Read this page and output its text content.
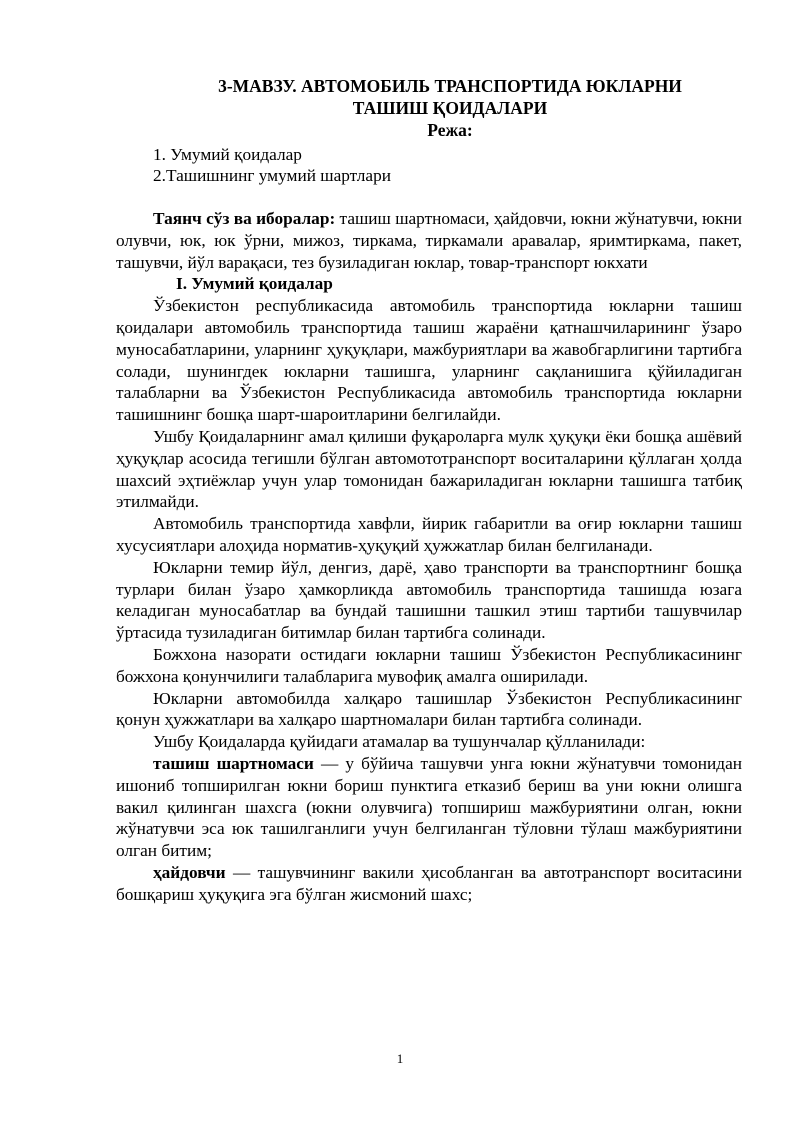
3-МАВЗУ. АВТОМОБИЛЬ ТРАНСПОРТИДА ЮКЛАРНИ
ТАШИШ ҚОИДАЛАРИ
Режа:
1. Умумий қоидалар
2.Ташишнинг умумий шартлари

Таянч сўз ва иборалар: ташиш шартномаси, ҳайдовчи, юкни жўнатувчи, юкни олувчи, юк, юк ўрни, мижоз, тиркама, тиркамали аравалар, яримтиркама, пакет, ташувчи, йўл варақаси, тез бузиладиган юклар, товар-транспорт юкхати

I. Умумий қоидалар

Ўзбекистон республикасида автомобиль транспортида юкларни ташиш қоидалари автомобиль транспортида ташиш жараёни қатнашчиларининг ўзаро муносабатларини, уларнинг ҳуқуқлари, мажбуриятлари ва жавобгарлигини тартибга солади, шунингдек юкларни ташишга, уларнинг сақланишига қўйиладиган талабларни ва Ўзбекистон Республикасида автомобиль транспортида юкларни ташишнинг бошқа шарт-шароитларини белгилайди.

Ушбу Қоидаларнинг амал қилиши фуқароларга мулк ҳуқуқи ёки бошқа ашёвий ҳуқуқлар асосида тегишли бўлган автомототранспорт воситаларини қўллаган ҳолда шахсий эҳтиёжлар учун улар томонидан бажариладиган юкларни ташишга татбиқ этилмайди.

Автомобиль транспортида хавфли, йирик габаритли ва оғир юкларни ташиш хусусиятлари алоҳида норматив-ҳуқуқий ҳужжатлар билан белгиланади.

Юкларни темир йўл, денгиз, дарё, ҳаво транспорти ва транспортнинг бошқа турлари билан ўзаро ҳамкорликда автомобиль транспортида ташишда юзага келадиган муносабатлар ва бундай ташишни ташкил этиш тартиби ташувчилар ўртасида тузиладиган битимлар билан тартибга солинади.

Божхона назорати остидаги юкларни ташиш Ўзбекистон Республикасининг божхона қонунчилиги талабларига мувофиқ амалга оширилади.

Юкларни автомобилда халқаро ташишлар Ўзбекистон Республикасининг қонун ҳужжатлари ва халқаро шартномалари билан тартибга солинади.

Ушбу Қоидаларда қуйидаги атамалар ва тушунчалар қўлланилади:

ташиш шартномаси — у бўйича ташувчи унга юкни жўнатувчи томонидан ишониб топширилган юкни бориш пунктига етказиб бериш ва уни юкни олишга вакил қилинган шахсга (юкни олувчига) топшириш мажбуриятини олган, юкни жўнатувчи эса юк ташилганлиги учун белгиланган тўловни тўлаш мажбуриятини олган битим;

ҳайдовчи — ташувчининг вакили ҳисобланган ва автотранспорт воситасини бошқариш ҳуқуқига эга бўлган жисмоний шахс;

1
